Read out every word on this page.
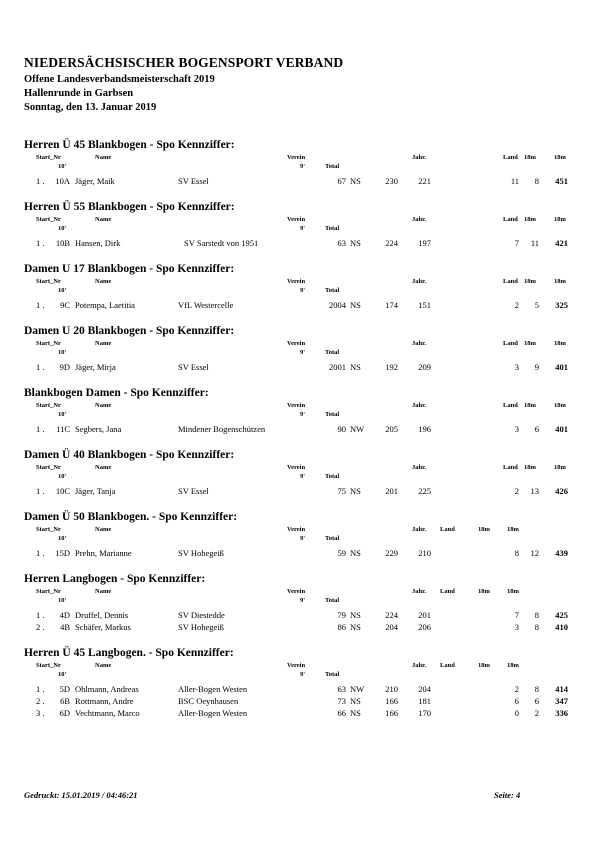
NIEDERSÄCHSISCHER BOGENSPORT VERBAND
Offene Landesverbandsmeisterschaft 2019
Hallenrunde in Garbsen
Sonntag, den 13. Januar 2019
Herren Ü 45 Blankbogen - Spo Kennziffer:
Start_Nr	Name	Verein	Jahr.	Land 18m	18m
10'	9'	Total
1 .	10A Jäger, Maik	SV Essel	67 NS	230	221	11	8	451
Herren Ü 55 Blankbogen - Spo Kennziffer:
Start_Nr	Name	Verein	Jahr.	Land 18m	18m
10'	9'	Total
1 .	10B Hansen, Dirk	SV Sarstedt von 1951	63 NS	224	197	7	11	421
Damen U 17 Blankbogen - Spo Kennziffer:
Start_Nr	Name	Verein	Jahr.	Land 18m	18m
10'	9'	Total
1 .	9C Potempa, Laetitia	VfL Westercelle	2004 NS	174	151	2	5	325
Damen U 20 Blankbogen - Spo Kennziffer:
Start_Nr	Name	Verein	Jahr.	Land 18m	18m
10'	9'	Total
1 .	9D Jäger, Mirja	SV Essel	2001 NS	192	209	3	9	401
Blankbogen Damen - Spo Kennziffer:
Start_Nr	Name	Verein	Jahr.	Land 18m	18m
10'	9'	Total
1 .	11C Segbers, Jana	Mindener Bogenschützen	90 NW	205	196	3	6	401
Damen Ü 40 Blankbogen - Spo Kennziffer:
Start_Nr	Name	Verein	Jahr.	Land 18m	18m
10'	9'	Total
1 .	10C Jäger, Tanja	SV Essel	75 NS	201	225	2	13	426
Damen Ü 50 Blankbogen. - Spo Kennziffer:
Start_Nr	Name	Verein	Jahr. Land	18m	18m
10'	9'	Total
1 .	15D Prehn, Marianne	SV Hohegeiß	59 NS	229	210	8	12	439
Herren Langbogen - Spo Kennziffer:
Start_Nr	Name	Verein	Jahr. Land	18m	18m
10'	9'	Total
1 .	4D Druffel, Dennis	SV Diestedde	79 NS	224	201	7	8	425
2 .	4B Schäfer, Markus	SV Hohegeiß	86 NS	204	206	3	8	410
Herren Ü 45 Langbogen. - Spo Kennziffer:
Start_Nr	Name	Verein	Jahr. Land	18m	18m
10'	9'	Total
1 .	5D Ohlmann, Andreas	Aller-Bogen Westen	63 NW	210	204	2	8	414
2 .	6B Rottmann, Andre	BSC Oeynhausen	73 NS	166	181	6	6	347
3 .	6D Vechtmann, Marco	Aller-Bogen Westen	66 NS	166	170	0	2	336
Gedruckt: 15.01.2019 / 04:46:21	Seite: 4
